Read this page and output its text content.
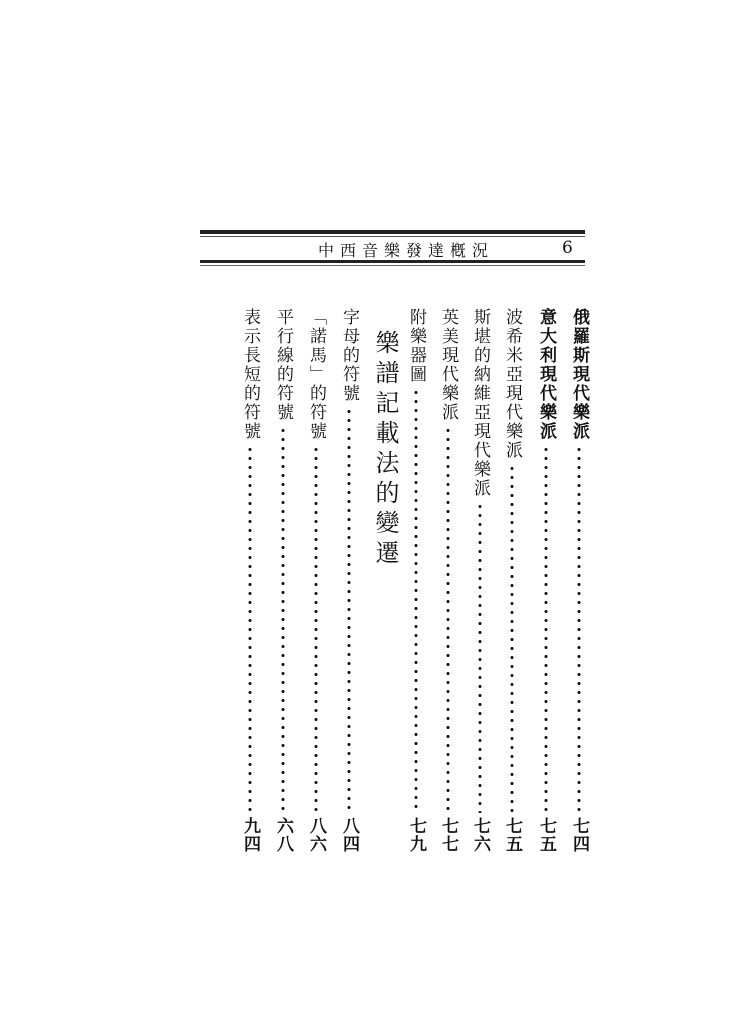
中西音樂發達槪況	6
俄羅斯現代樂派
七四
意大利現代樂派
七五
波希米亞現代樂派
七五
斯堪的納維亞現代樂派
七六
英美現代樂派
七七
附樂器圖
七九
樂譜記載法的變遷
字母的符號
八四
「諾馬」的符號
八六
平行線的符號
六八
表示長短的符號
九四
